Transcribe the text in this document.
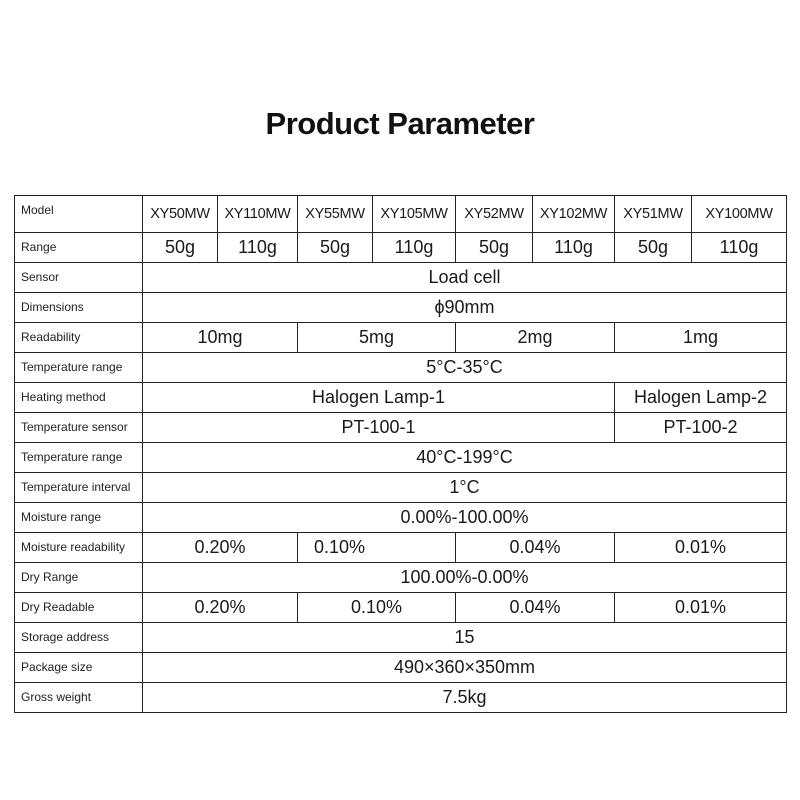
Product Parameter
Model	XY50MW	XY110MW	XY55MW	XY105MW	XY52MW	XY102MW	XY51MW	XY100MW
Range	50g	110g	50g	110g	50g	110g	50g	110g
Sensor	Load cell							
Dimensions	ϕ90mm							
Readability	10mg		5mg		2mg		1mg	
Temperature range	5°C-35°C							
Heating method	Halogen Lamp-1						Halogen Lamp-2	
Temperature sensor	PT-100-1						PT-100-2	
Temperature range	40°C-199°C							
Temperature interval	1°C							
Moisture range	0.00%-100.00%							
Moisture readability	0.20%		0.10%		0.04%		0.01%	
Dry Range	100.00%-0.00%							
Dry Readable	0.20%		0.10%		0.04%		0.01%	
Storage address	15							
Package size	490×360×350mm							
Gross weight	7.5kg							
